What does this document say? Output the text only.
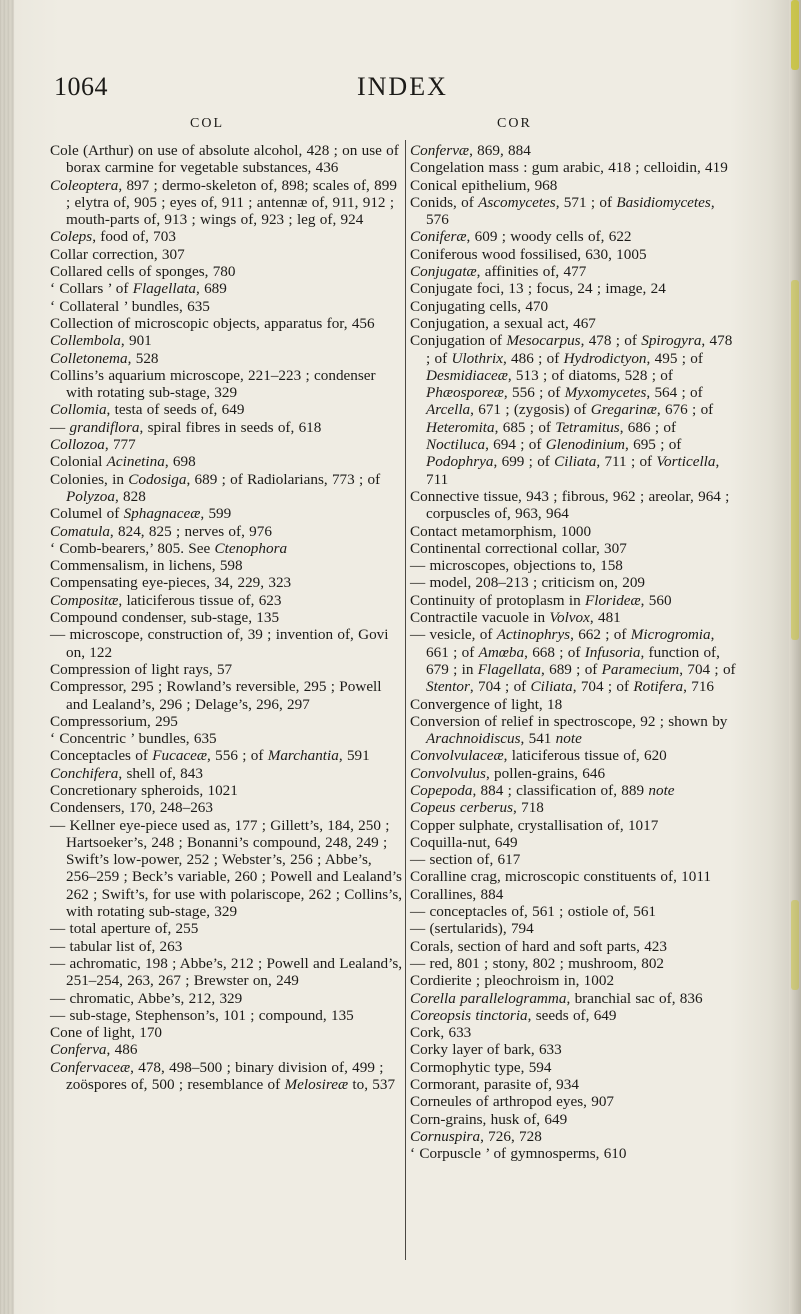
1064	INDEX
COL	COR

Cole (Arthur) on use of absolute alcohol, 428 ; on use of borax carmine for vegetable substances, 436

Coleoptera, 897 ; dermo-skeleton of, 898; scales of, 899 ; elytra of, 905 ; eyes of, 911 ; antennæ of, 911, 912 ; mouth-parts of, 913 ; wings of, 923 ; leg of, 924

Coleps, food of, 703

Collar correction, 307

Collared cells of sponges, 780

‘ Collars ’ of Flagellata, 689

‘ Collateral ’ bundles, 635

Collection of microscopic objects, apparatus for, 456

Collembola, 901

Colletonema, 528

Collins’s aquarium microscope, 221–223 ; condenser with rotating sub-stage, 329

Collomia, testa of seeds of, 649

— grandiflora, spiral fibres in seeds of, 618

Collozoa, 777

Colonial Acinetina, 698

Colonies, in Codosiga, 689 ; of Radiolarians, 773 ; of Polyzoa, 828

Columel of Sphagnaceæ, 599

Comatula, 824, 825 ; nerves of, 976

‘ Comb-bearers,’ 805. See Ctenophora

Commensalism, in lichens, 598

Compensating eye-pieces, 34, 229, 323

Compositæ, laticiferous tissue of, 623

Compound condenser, sub-stage, 135

— microscope, construction of, 39 ; invention of, Govi on, 122

Compression of light rays, 57

Compressor, 295 ; Rowland’s reversible, 295 ; Powell and Lealand’s, 296 ; Delage’s, 296, 297

Compressorium, 295

‘ Concentric ’ bundles, 635

Conceptacles of Fucaceæ, 556 ; of Marchantia, 591

Conchifera, shell of, 843

Concretionary spheroids, 1021

Condensers, 170, 248–263

— Kellner eye-piece used as, 177 ; Gillett’s, 184, 250 ; Hartsoeker’s, 248 ; Bonanni’s compound, 248, 249 ; Swift’s low-power, 252 ; Webster’s, 256 ; Abbe’s, 256–259 ; Beck’s variable, 260 ; Powell and Lealand’s 262 ; Swift’s, for use with polariscope, 262 ; Collins’s, with rotating sub-stage, 329

— total aperture of, 255

— tabular list of, 263

— achromatic, 198 ; Abbe’s, 212 ; Powell and Lealand’s, 251–254, 263, 267 ; Brewster on, 249

— chromatic, Abbe’s, 212, 329

— sub-stage, Stephenson’s, 101 ; compound, 135

Cone of light, 170

Conferva, 486

Confervaceæ, 478, 498–500 ; binary division of, 499 ; zoöspores of, 500 ; resemblance of Melosireæ to, 537

Confervæ, 869, 884

Congelation mass : gum arabic, 418 ; celloidin, 419

Conical epithelium, 968

Conids, of Ascomycetes, 571 ; of Basidiomycetes, 576

Coniferæ, 609 ; woody cells of, 622

Coniferous wood fossilised, 630, 1005

Conjugatæ, affinities of, 477

Conjugate foci, 13 ; focus, 24 ; image, 24

Conjugating cells, 470

Conjugation, a sexual act, 467

Conjugation of Mesocarpus, 478 ; of Spirogyra, 478 ; of Ulothrix, 486 ; of Hydrodictyon, 495 ; of Desmidiaceæ, 513 ; of diatoms, 528 ; of Phæosporeæ, 556 ; of Myxomycetes, 564 ; of Arcella, 671 ; (zygosis) of Gregarinæ, 676 ; of Heteromita, 685 ; of Tetramitus, 686 ; of Noctiluca, 694 ; of Glenodinium, 695 ; of Podophrya, 699 ; of Ciliata, 711 ; of Vorticella, 711

Connective tissue, 943 ; fibrous, 962 ; areolar, 964 ; corpuscles of, 963, 964

Contact metamorphism, 1000

Continental correctional collar, 307

— microscopes, objections to, 158

— model, 208–213 ; criticism on, 209

Continuity of protoplasm in Florideæ, 560

Contractile vacuole in Volvox, 481

— vesicle, of Actinophrys, 662 ; of Microgromia, 661 ; of Amœba, 668 ; of Infusoria, function of, 679 ; in Flagellata, 689 ; of Paramecium, 704 ; of Stentor, 704 ; of Ciliata, 704 ; of Rotifera, 716

Convergence of light, 18

Conversion of relief in spectroscope, 92 ; shown by Arachnoidiscus, 541 note

Convolvulaceæ, laticiferous tissue of, 620

Convolvulus, pollen-grains, 646

Copepoda, 884 ; classification of, 889 note

Copeus cerberus, 718

Copper sulphate, crystallisation of, 1017

Coquilla-nut, 649

— section of, 617

Coralline crag, microscopic constituents of, 1011

Corallines, 884

— conceptacles of, 561 ; ostiole of, 561

— (sertularids), 794

Corals, section of hard and soft parts, 423

— red, 801 ; stony, 802 ; mushroom, 802

Cordierite ; pleochroism in, 1002

Corella parallelogramma, branchial sac of, 836

Coreopsis tinctoria, seeds of, 649

Cork, 633

Corky layer of bark, 633

Cormophytic type, 594

Cormorant, parasite of, 934

Corneules of arthropod eyes, 907

Corn-grains, husk of, 649

Cornuspira, 726, 728

‘ Corpuscle ’ of gymnosperms, 610
